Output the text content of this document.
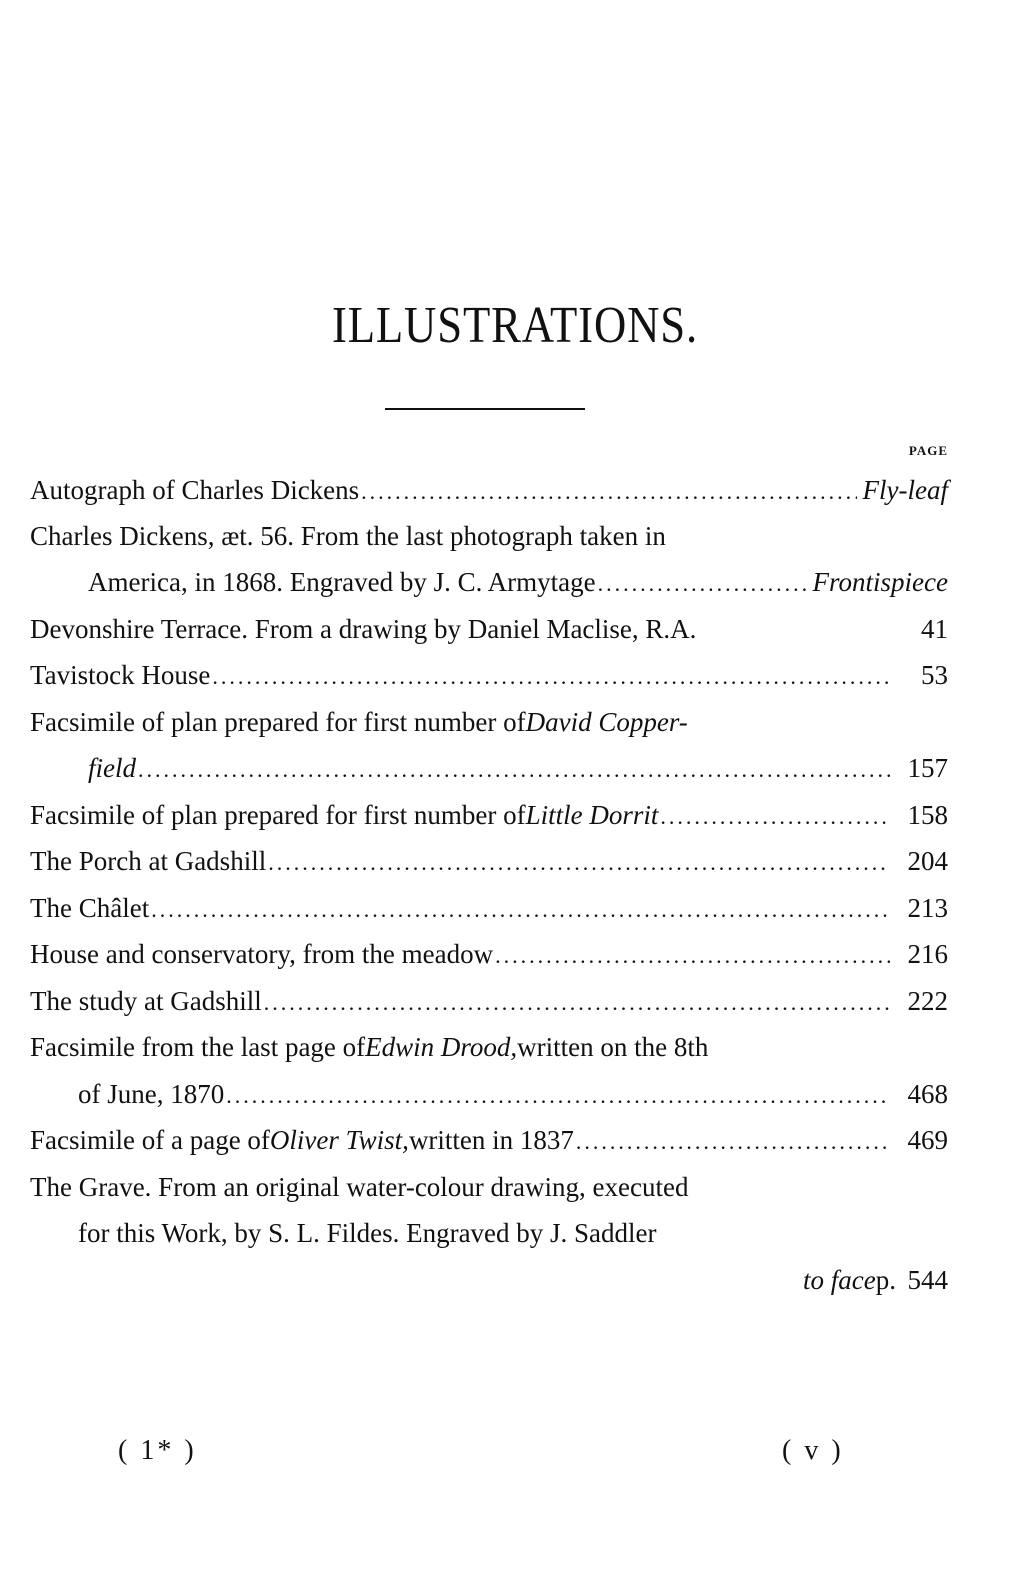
ILLUSTRATIONS.
PAGE
Autograph of Charles Dickens .....	Fly-leaf
Charles Dickens, æt. 56. From the last photograph taken in
America, in 1868. Engraved by J. C. Armytage .....	Frontispiece
Devonshire Terrace. From a drawing by Daniel Maclise, R.A.	41
Tavistock House .....	53
Facsimile of plan prepared for first number of David Copper-
field .....	157
Facsimile of plan prepared for first number of Little Dorrit .....	158
The Porch at Gadshill .....	204
The Châlet .....	213
House and conservatory, from the meadow .....	216
The study at Gadshill .....	222
Facsimile from the last page of Edwin Drood, written on the 8th
of June, 1870 .....	468
Facsimile of a page of Oliver Twist, written in 1837 .....	469
The Grave. From an original water-colour drawing, executed
for this Work, by S. L. Fildes. Engraved by J. Saddler
to face p. 544
( 1* )	( v )
